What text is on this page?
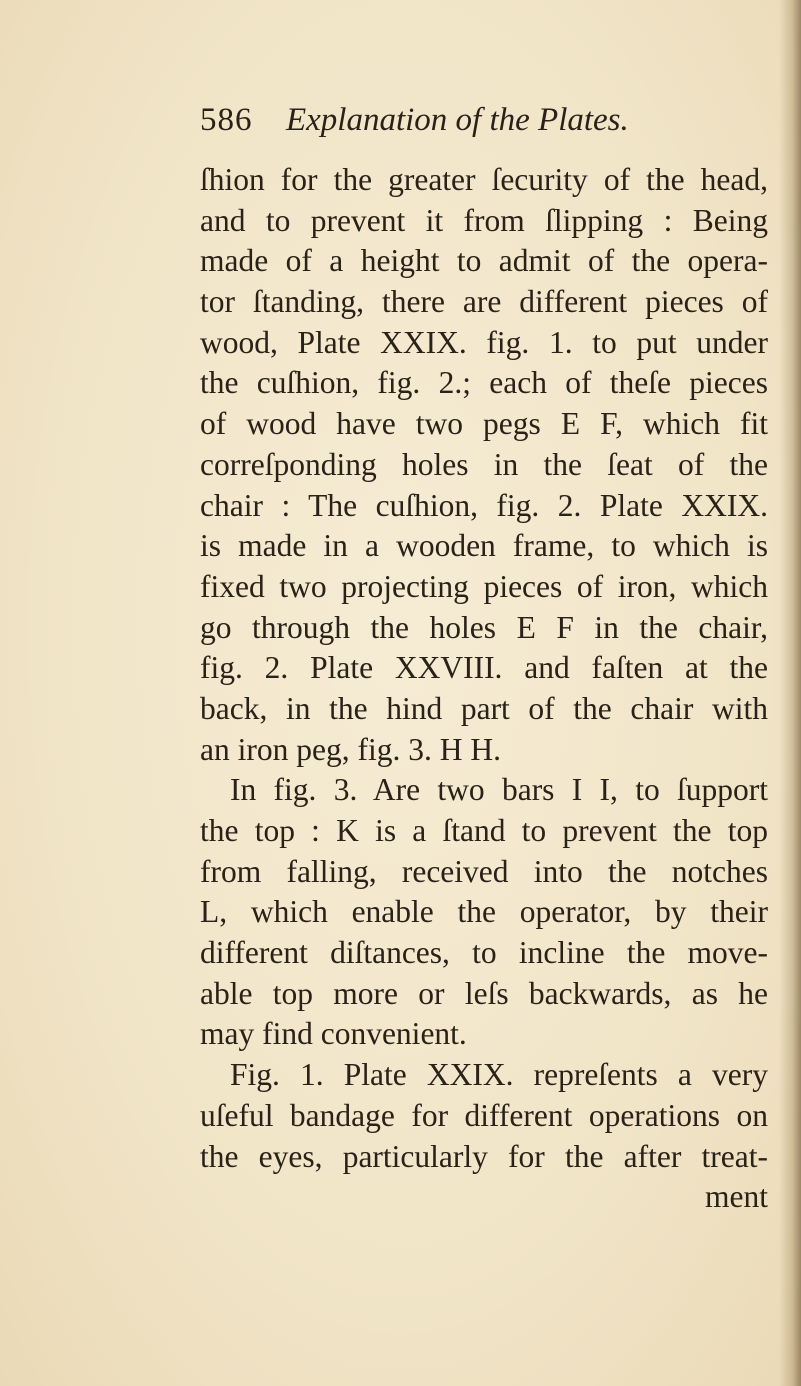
586 Explanation of the Plates.
ſhion for the greater ſecurity of the head,
and to prevent it from ſlipping : Being
made of a height to admit of the opera-
tor ſtanding, there are different pieces of
wood, Plate XXIX. fig. 1. to put under
the cuſhion, fig. 2.; each of theſe pieces
of wood have two pegs E F, which fit
correſponding holes in the ſeat of the
chair : The cuſhion, fig. 2. Plate XXIX.
is made in a wooden frame, to which is
fixed two projecting pieces of iron, which
go through the holes E F in the chair,
fig. 2. Plate XXVIII. and faſten at the
back, in the hind part of the chair with
an iron peg, fig. 3. H H.
In fig. 3. Are two bars I I, to ſupport
the top : K is a ſtand to prevent the top
from falling, received into the notches
L, which enable the operator, by their
different diſtances, to incline the move-
able top more or leſs backwards, as he
may find convenient.
Fig. 1. Plate XXIX. repreſents a very
uſeful bandage for different operations on
the eyes, particularly for the after treat-
ment
